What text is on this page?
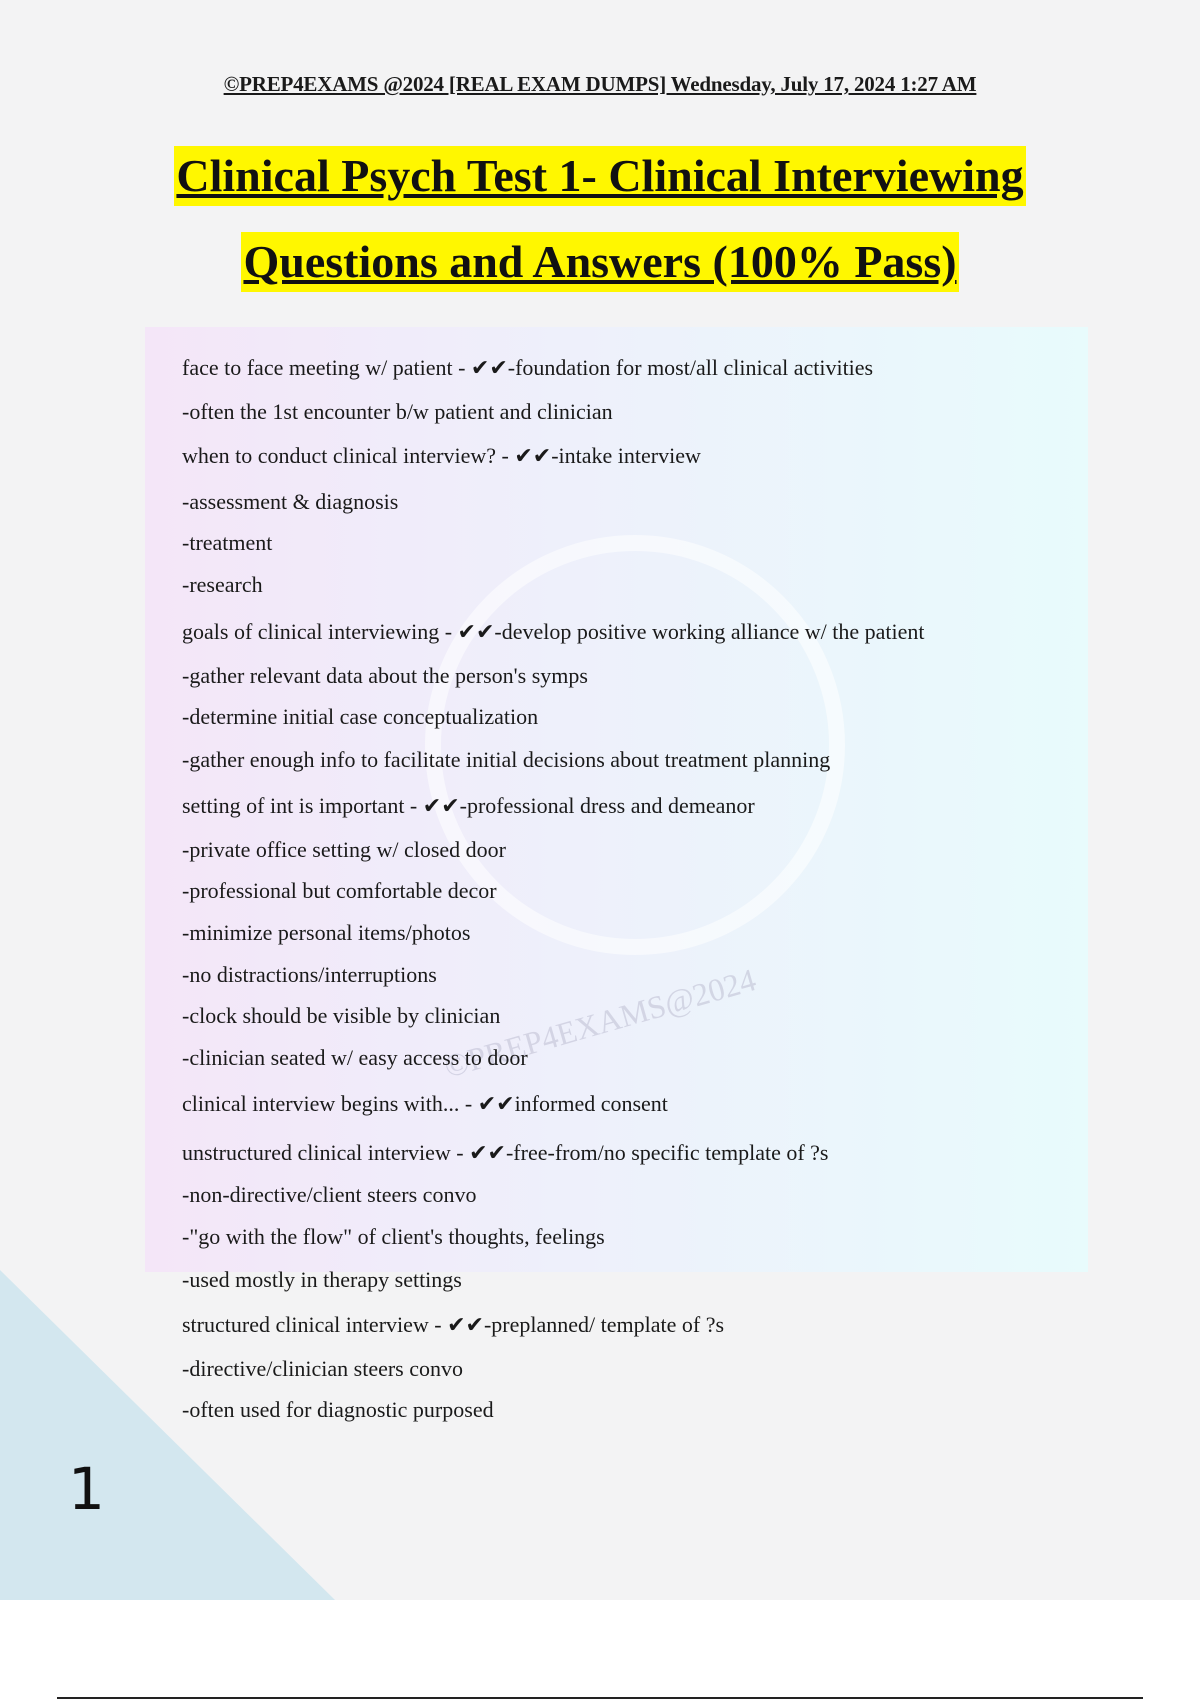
©PREP4EXAMS @2024 [REAL EXAM DUMPS] Wednesday, July 17, 2024 1:27 AM
Clinical Psych Test 1- Clinical Interviewing
Questions and Answers (100% Pass)
©PREP4EXAMS@2024
face to face meeting w/ patient - ✔✔-foundation for most/all clinical activities
-often the 1st encounter b/w patient and clinician
when to conduct clinical interview? - ✔✔-intake interview
-assessment & diagnosis
-treatment
-research
goals of clinical interviewing - ✔✔-develop positive working alliance w/ the patient
-gather relevant data about the person's symps
-determine initial case conceptualization
-gather enough info to facilitate initial decisions about treatment planning
setting of int is important - ✔✔-professional dress and demeanor
-private office setting w/ closed door
-professional but comfortable decor
-minimize personal items/photos
-no distractions/interruptions
-clock should be visible by clinician
-clinician seated w/ easy access to door
clinical interview begins with... - ✔✔informed consent
unstructured clinical interview - ✔✔-free-from/no specific template of ?s
-non-directive/client steers convo
-"go with the flow" of client's thoughts, feelings
-used mostly in therapy settings
structured clinical interview - ✔✔-preplanned/ template of ?s
-directive/clinician steers convo
-often used for diagnostic purposed
1
